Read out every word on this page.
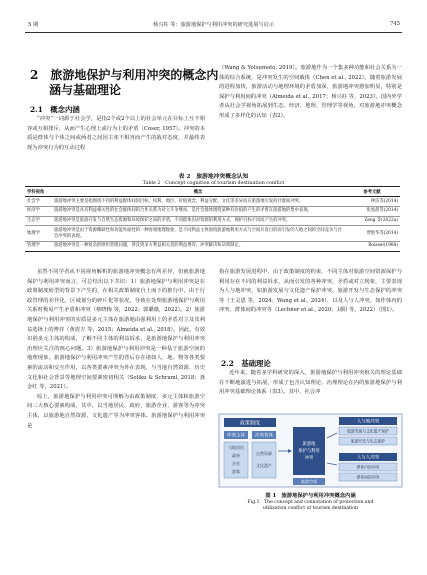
5 期	杨兴柱 等：旅游地保护与利用冲突的研究进展与启示	745
2 旅游地保护与利用冲突的概念内
涵与基础理论
2.1　概念内涵

“冲突”一词源于社会学，是指2个或2个以上的社会单元在目标上互不相容或互相排斥，从而产生心理上或行为上的矛盾（Coser, 1957）。冲突的本质是群体与个体之间或两者之间因主张不相容而产生的敌对态度，并最终表现为冲突行为的互动过程

（Wang & Yotsumoto, 2019）。旅游地作为一个集多种功能和社会关系为一体的综合系统，是冲突发生的空间载体（Chen et al., 2022）。随着旅游发展的进程加快，旅游活动与地理环境的矛盾加深，旅游地冲突愈加明显，特别是保护与利用间的冲突（Almeida et al., 2017；杨兴柱 等，2023）。国内外学者从社会学视角拓展到生态、经济、地理、管理学等视角，对旅游地冲突概念形成了多样化的认知（表2）。

表 2　旅游地冲突概念认知
Table 2　Concept cognition of tourism destination conflict
学科视角	概念	参考文献
社会学	旅游地冲突主要是指围绕不同的利益群体间因目标、权利、地位、价值观念、利益分配、文化等差异而在旅游地引发的社群间冲突。	钟洁等(2014)
经济学	旅游地冲突是具有利益相关性的社会群体间的合作关系为对立斗争继而，是社会群体围绕某种有价值的产生的矛盾在旅游地的集中表现。	张旭晨等(2014)
生态学	旅游地冲突是旅游开发与自然生态资源和环境保护之间的矛盾，不同群体因对资源的利用方式、保护目标不同而产生的冲突。	Zeng 等(2022a)
地理学	旅游地冲突是由于资源稀缺性和功能外溢性的一种客观地理现象，是不同利益主体围绕旅游地利用方式与空间开发目的而引发的人地之间的空间竞争与社会冲突的表现。	贾艳华等(2014)
管理学	旅游地冲突是一种复杂的组织管理问题，涉及到多方利益相关者的利益博弈、冲突解决和决策制定。	Boissel(1988)

虽然不同学者从不同视角解析的旅游地冲突概念有所差异，但就旅游地保护与利用冲突而言，可总结出以下共识：1）旅游地保护与利用冲突是在政策制度转型的背景下产生的，在相关政策制度自上而下的推行中，由于行政管理的差异化，区域划分的碎片化等状况，导致在处理旅游地保护与利用关系时极易产生矛盾和冲突（蔡晓梅 等，2022；郭璐薇，2022）。2）旅游地保护与利用冲突的实质是多元主体在旅游地由强利用上的矛盾对立及其利益选择上的博弈（黄震方 等，2015；Almeida et al., 2018）。因此，有效识别多元主体的构成，了解不同主体的利益诉求，是旅游地保护与利用冲突治理应关注的核心问题。3）旅游地保护与利用冲突是一种基于旅游空间的地理现象。旅游地保护与利用冲突产生的背后存在诸如人、地、物等各类要素的流动和交互作用，以各类要素冲突为外在表现，与当地自然资源、历史文化和社会背景等地理空间要素密切相关（Soliku & Schraml, 2018；龚金红 等，2021）。

综上，旅游地保护与利用冲突可理解为由政策制度、多元主体和旅游空间三大核心要素构成，其中，以当地居民、政府、旅游企业、游客等为冲突主体，以旅游地自然资源、文化遗产等为冲突客体。旅游地保护与利用冲突是

指在旅游发展进程中，由于政策制度的约束、不同主体对旅游空间资源保护与利用存在不同的利益诉求，从而引发的各种冲突、矛盾或对立现象，主要表现为人与地冲突，如旅游发展与文化遗产保护冲突，旅游开发与生态保护的冲突等（王灵恩 等，2024；Wang et al., 2024），以及人与人冲突，如作体内的冲突、群体间的冲突等（Lechner et al., 2020；刘阳 等，2022）（图1）。

2.2　基础理论

近年来，随着多学科研究的深入，旅游地保护与利用冲突相关的理论基础在不断地演进与拓展，形成了包含认知理论、治理理论在内的旅游地保护与利用冲突基础理论体系（表3）。其中，社会冲

政策制度
冲突主体 冲突客体
当地居民
政府
企业
游客
自然资源
文化遗产
旅游地
保护与利用
冲突
旅游空间
人与地冲突
旅游发展与文化遗产保护
旅游开发与生态保护
人与人冲突
群体内的冲突
群体间的冲突
图 1　旅游地保护与利用冲突概念内涵
Fig.1　The concept and connotation of protection and
utilization conflict of tourism destination
